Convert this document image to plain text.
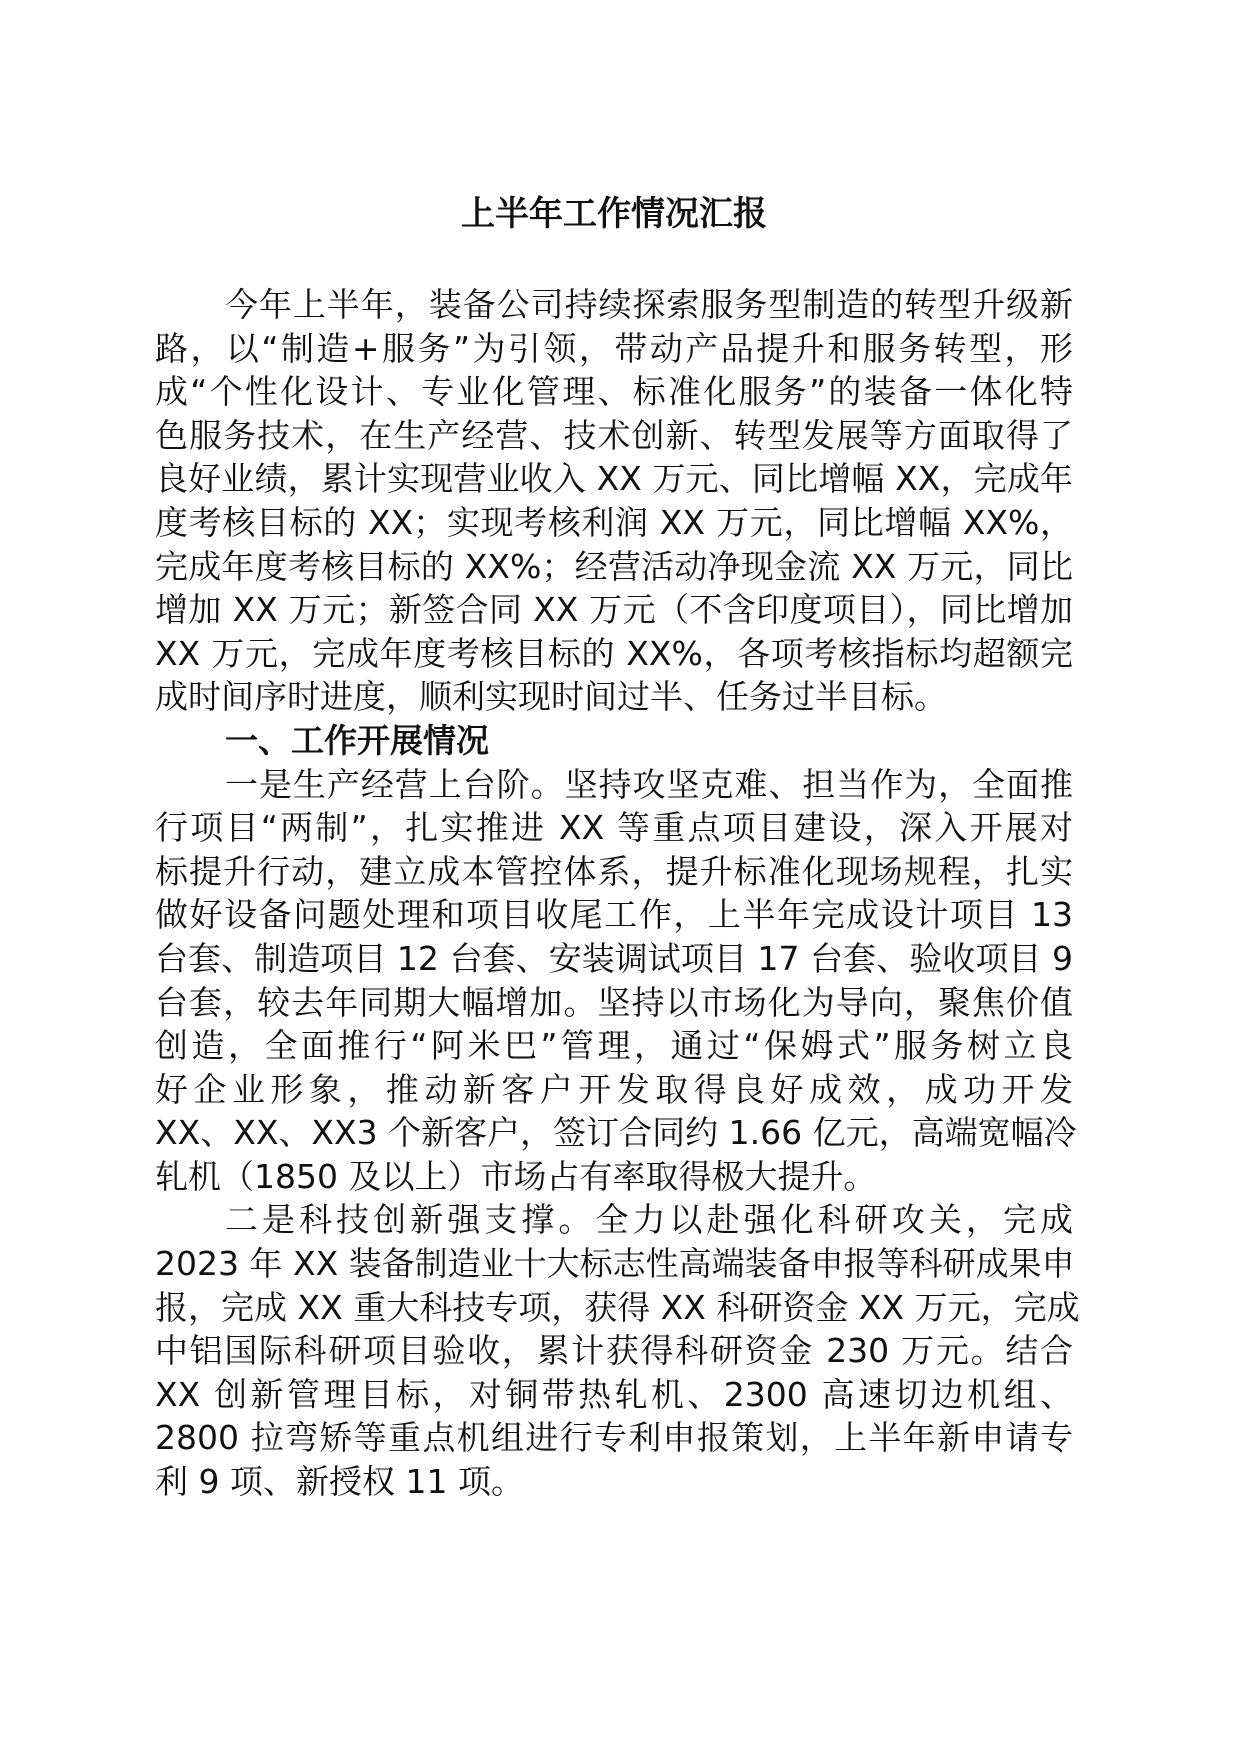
上半年工作情况汇报
今年上半年，装备公司持续探索服务型制造的转型升级新
路，以“制造+服务”为引领，带动产品提升和服务转型，形
成“个性化设计、专业化管理、标准化服务”的装备一体化特
色服务技术，在生产经营、技术创新、转型发展等方面取得了
良好业绩，累计实现营业收入 XX 万元、同比增幅 XX，完成年
度考核目标的 XX；实现考核利润 XX 万元，同比增幅 XX%，
完成年度考核目标的 XX%；经营活动净现金流 XX 万元，同比
增加 XX 万元；新签合同 XX 万元（不含印度项目），同比增加
XX 万元，完成年度考核目标的 XX%，各项考核指标均超额完
成时间序时进度，顺利实现时间过半、任务过半目标。
一、工作开展情况
一是生产经营上台阶。坚持攻坚克难、担当作为，全面推
行项目“两制”，扎实推进 XX 等重点项目建设，深入开展对
标提升行动，建立成本管控体系，提升标准化现场规程，扎实
做好设备问题处理和项目收尾工作，上半年完成设计项目 13
台套、制造项目 12 台套、安装调试项目 17 台套、验收项目 9
台套，较去年同期大幅增加。坚持以市场化为导向，聚焦价值
创造，全面推行“阿米巴”管理，通过“保姆式”服务树立良
好企业形象，推动新客户开发取得良好成效，成功开发
XX、XX、XX3 个新客户，签订合同约 1.66 亿元，高端宽幅冷
轧机（1850 及以上）市场占有率取得极大提升。
二是科技创新强支撑。全力以赴强化科研攻关，完成
2023 年 XX 装备制造业十大标志性高端装备申报等科研成果申
报，完成 XX 重大科技专项，获得 XX 科研资金 XX 万元，完成
中铝国际科研项目验收，累计获得科研资金 230 万元。结合
XX 创新管理目标，对铜带热轧机、2300 高速切边机组、
2800 拉弯矫等重点机组进行专利申报策划，上半年新申请专
利 9 项、新授权 11 项。
